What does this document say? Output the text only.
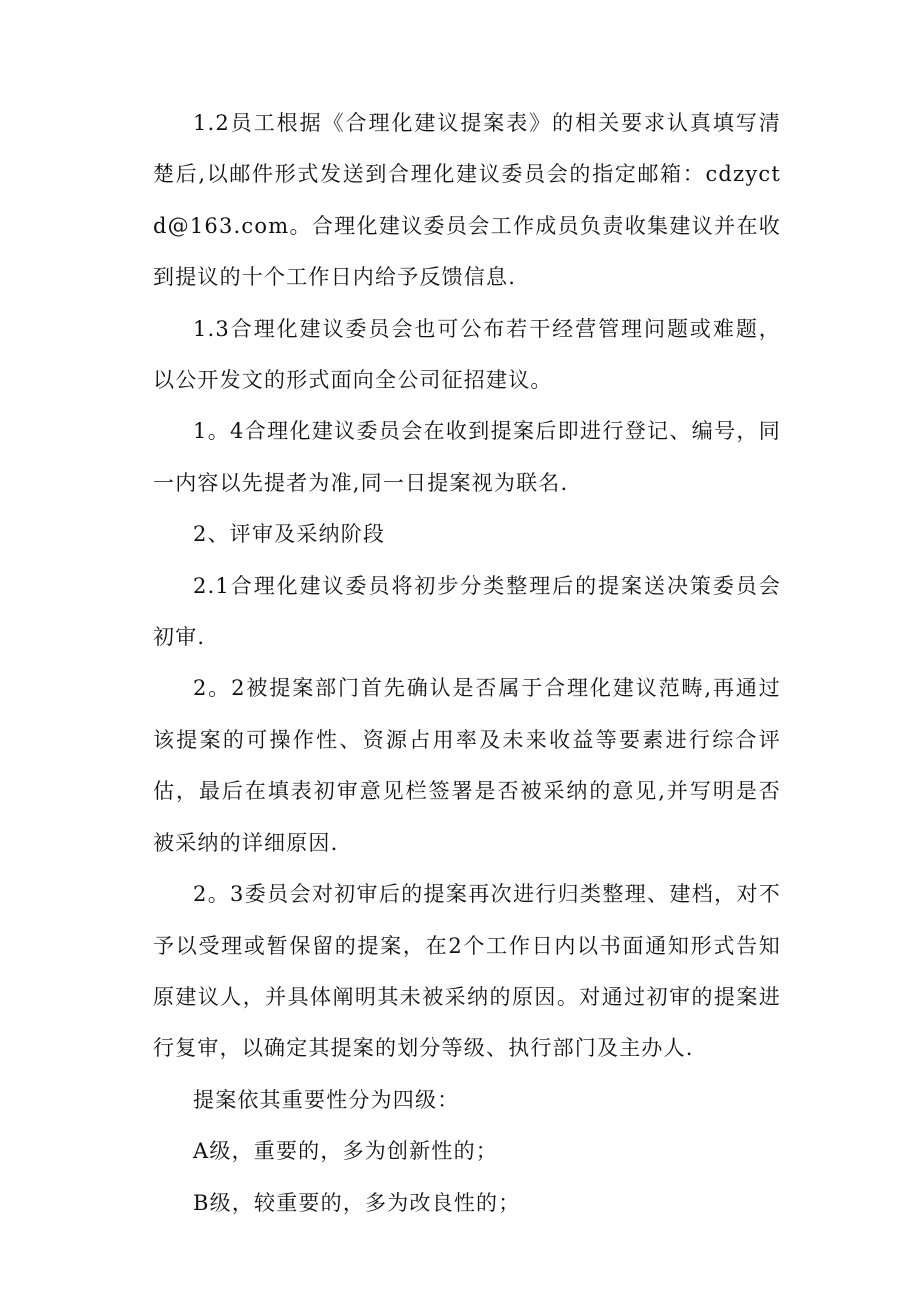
1.2员工根据《合理化建议提案表》的相关要求认真填写清楚后,以邮件形式发送到合理化建议委员会的指定邮箱：cdzyctd@163.com。合理化建议委员会工作成员负责收集建议并在收到提议的十个工作日内给予反馈信息.

1.3合理化建议委员会也可公布若干经营管理问题或难题，以公开发文的形式面向全公司征招建议。

1。4合理化建议委员会在收到提案后即进行登记、编号，同一内容以先提者为准,同一日提案视为联名.

2、评审及采纳阶段

2.1合理化建议委员将初步分类整理后的提案送决策委员会初审.

2。2被提案部门首先确认是否属于合理化建议范畴,再通过该提案的可操作性、资源占用率及未来收益等要素进行综合评估，最后在填表初审意见栏签署是否被采纳的意见,并写明是否被采纳的详细原因.

2。3委员会对初审后的提案再次进行归类整理、建档，对不予以受理或暂保留的提案，在2个工作日内以书面通知形式告知原建议人，并具体阐明其未被采纳的原因。对通过初审的提案进行复审，以确定其提案的划分等级、执行部门及主办人.

提案依其重要性分为四级：

A级，重要的，多为创新性的；

B级，较重要的，多为改良性的；
